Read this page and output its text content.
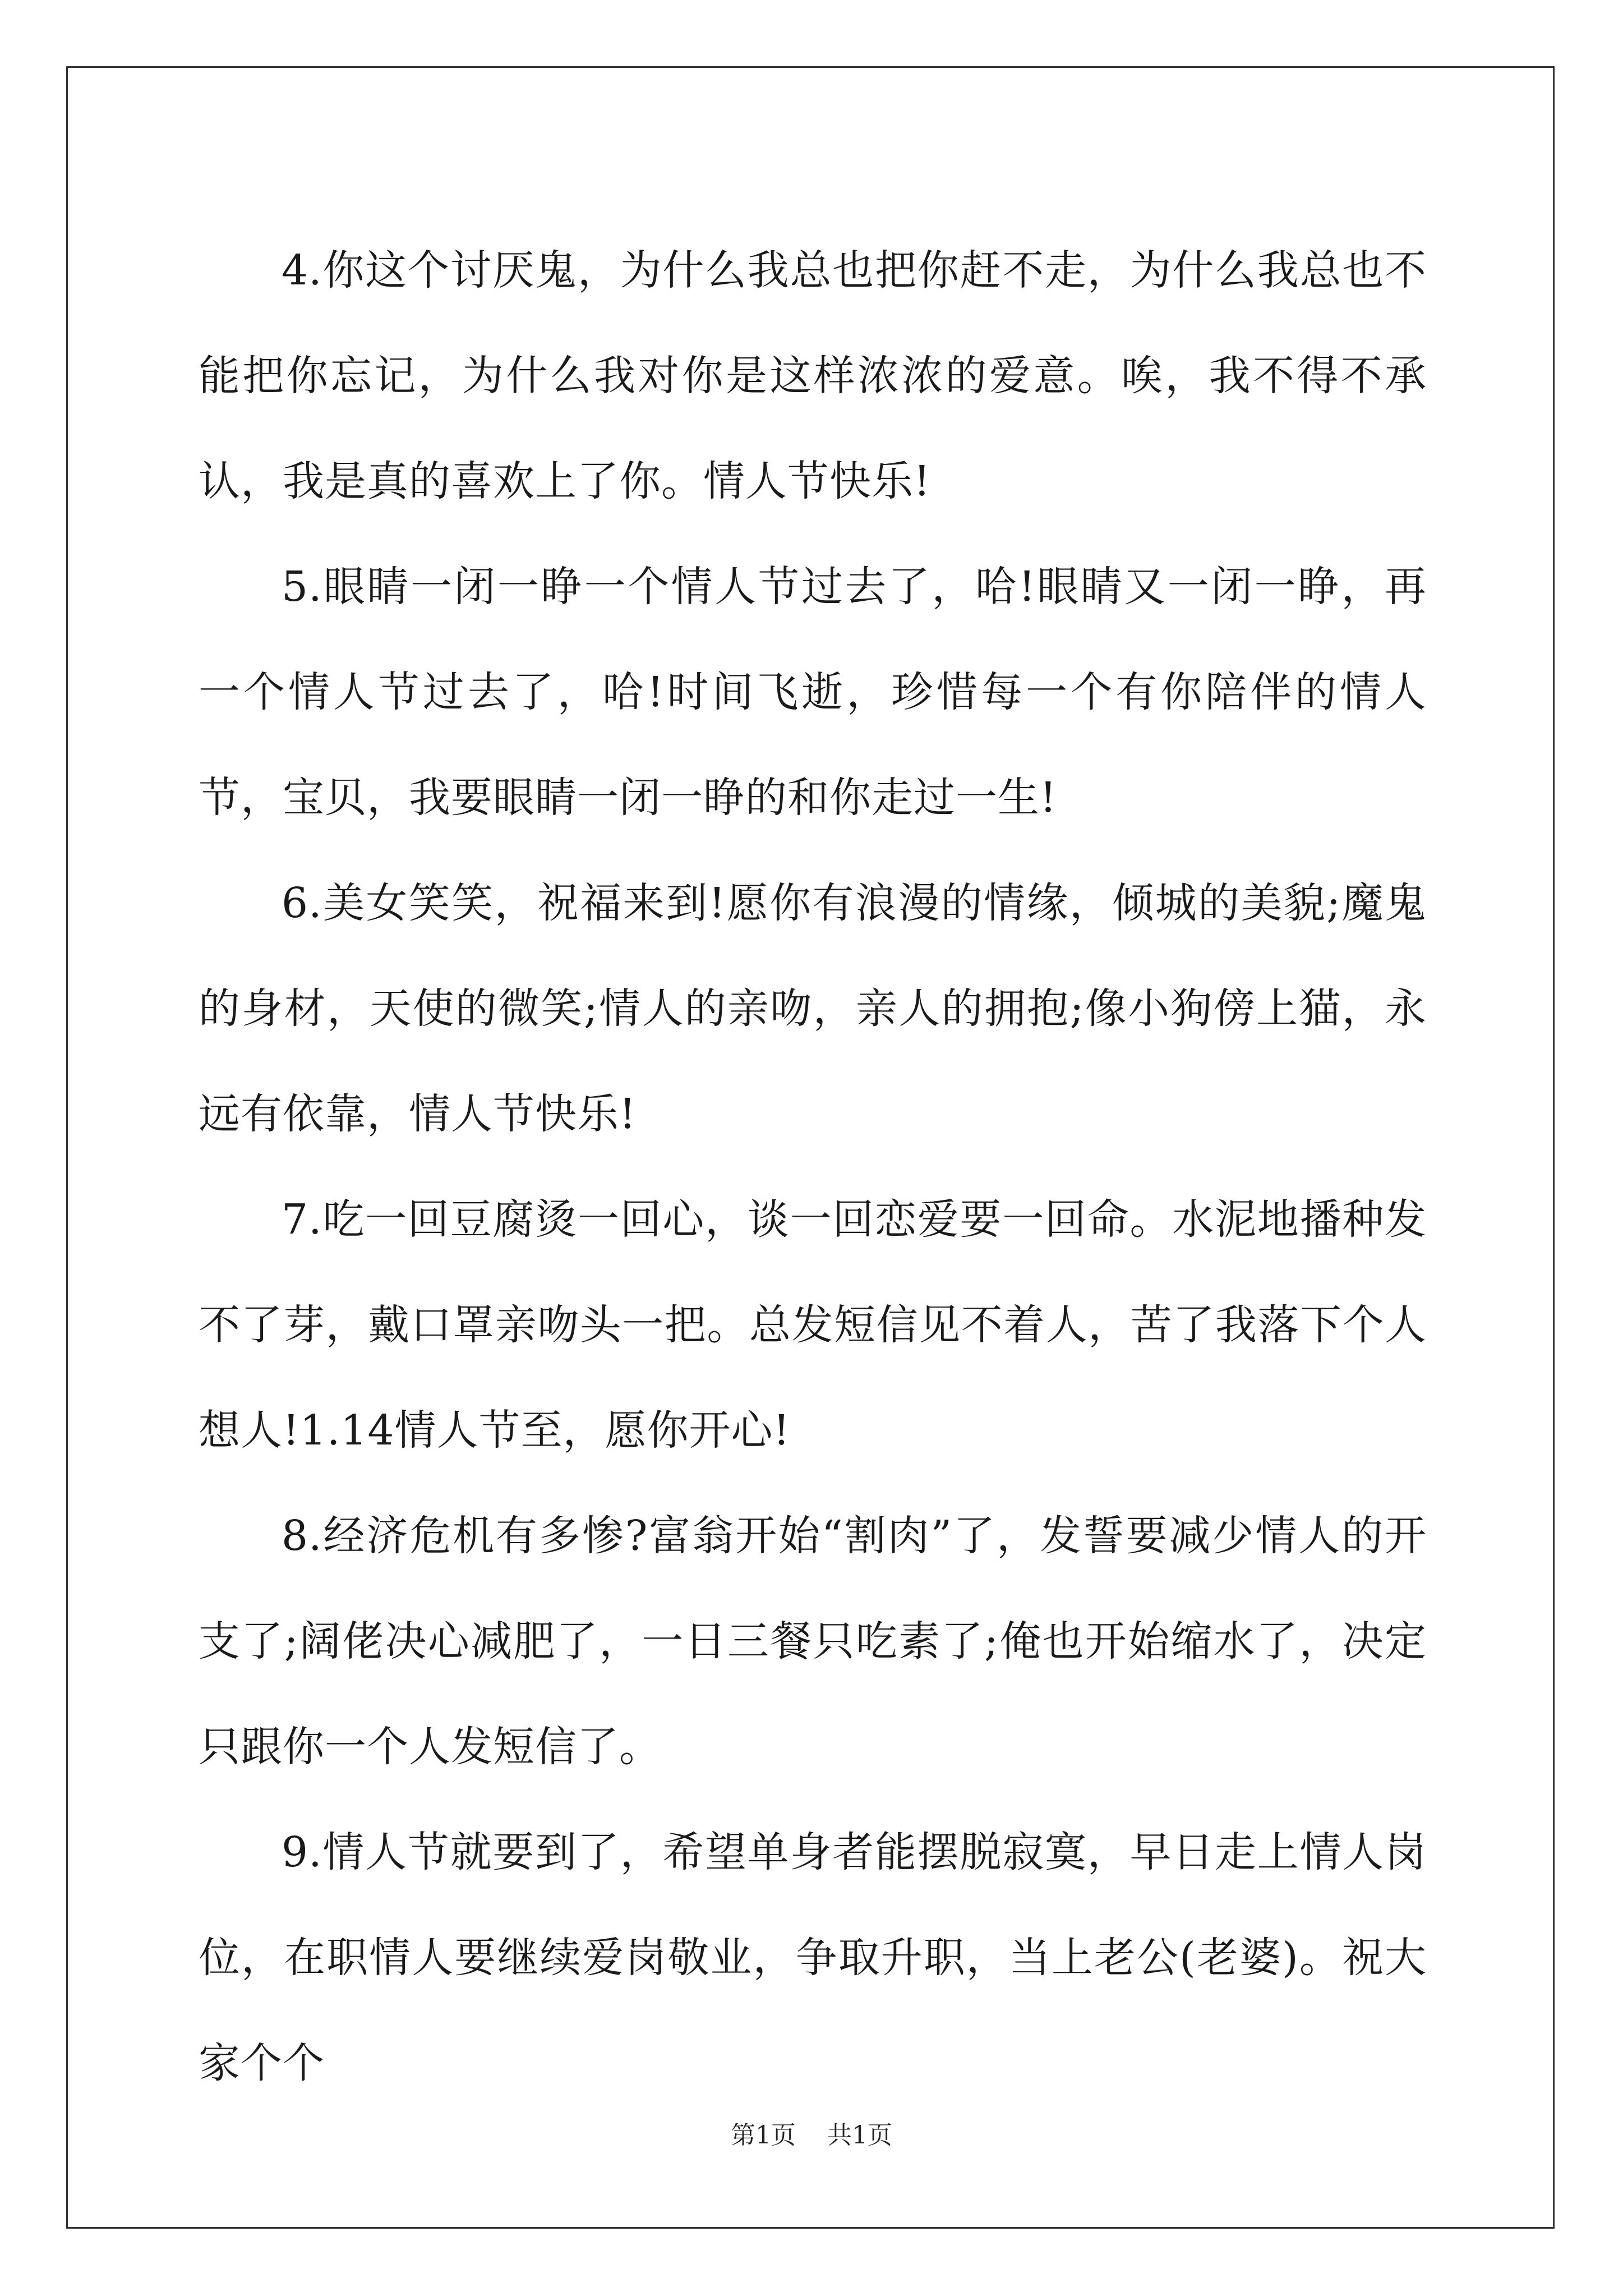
4.你这个讨厌鬼，为什么我总也把你赶不走，为什么我总也不能把你忘记，为什么我对你是这样浓浓的爱意。唉，我不得不承认，我是真的喜欢上了你。情人节快乐!

5.眼睛一闭一睁一个情人节过去了，哈!眼睛又一闭一睁，再一个情人节过去了，哈!时间飞逝，珍惜每一个有你陪伴的情人节，宝贝，我要眼睛一闭一睁的和你走过一生!

6.美女笑笑，祝福来到!愿你有浪漫的情缘，倾城的美貌;魔鬼的身材，天使的微笑;情人的亲吻，亲人的拥抱;像小狗傍上猫，永远有依靠，情人节快乐!

7.吃一回豆腐烫一回心，谈一回恋爱要一回命。水泥地播种发不了芽，戴口罩亲吻头一把。总发短信见不着人，苦了我落下个人想人!1.14情人节至，愿你开心!

8.经济危机有多惨?富翁开始“割肉”了，发誓要减少情人的开支了;阔佬决心减肥了，一日三餐只吃素了;俺也开始缩水了，决定只跟你一个人发短信了。

9.情人节就要到了，希望单身者能摆脱寂寞，早日走上情人岗位，在职情人要继续爱岗敬业，争取升职，当上老公(老婆)。祝大家个个

第1页 共1页
